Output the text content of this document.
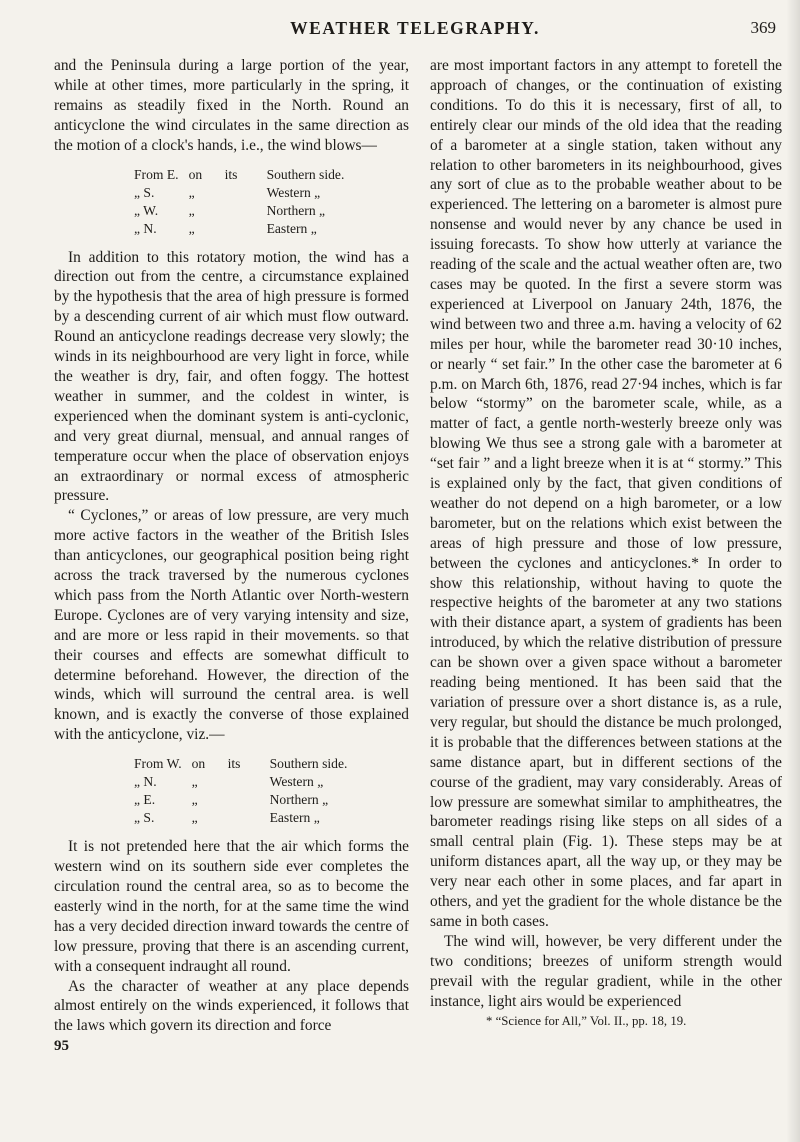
WEATHER TELEGRAPHY.	369

and the Peninsula during a large portion of the year, while at other times, more particularly in the spring, it remains as steadily fixed in the North. Round an anticyclone the wind circulates in the same direction as the motion of a clock's hands, i.e., the wind blows—

From E.	on	its	Southern side.
„ S.	„		Western „
„ W.	„		Northern „
„ N.	„		Eastern „

In addition to this rotatory motion, the wind has a direction out from the centre, a circumstance explained by the hypothesis that the area of high pressure is formed by a descending current of air which must flow outward. Round an anticyclone readings decrease very slowly; the winds in its neighbourhood are very light in force, while the weather is dry, fair, and often foggy. The hottest weather in summer, and the coldest in winter, is experienced when the dominant system is anti-cyclonic, and very great diurnal, mensual, and annual ranges of temperature occur when the place of observation enjoys an extraordinary or normal excess of atmospheric pressure.

“ Cyclones,” or areas of low pressure, are very much more active factors in the weather of the British Isles than anticyclones, our geographical position being right across the track traversed by the numerous cyclones which pass from the North Atlantic over North-western Europe. Cyclones are of very varying intensity and size, and are more or less rapid in their movements. so that their courses and effects are somewhat difficult to determine beforehand. However, the direction of the winds, which will surround the central area. is well known, and is exactly the converse of those explained with the anticyclone, viz.—

From W.	on	its	Southern side.
„ N.	„		Western „
„ E.	„		Northern „
„ S.	„		Eastern „

It is not pretended here that the air which forms the western wind on its southern side ever completes the circulation round the central area, so as to become the easterly wind in the north, for at the same time the wind has a very decided direction inward towards the centre of low pressure, proving that there is an ascending current, with a consequent indraught all round.

As the character of weather at any place depends almost entirely on the winds experienced, it follows that the laws which govern its direction and force

95

are most important factors in any attempt to foretell the approach of changes, or the continuation of existing conditions. To do this it is necessary, first of all, to entirely clear our minds of the old idea that the reading of a barometer at a single station, taken without any relation to other barometers in its neighbourhood, gives any sort of clue as to the probable weather about to be experienced. The lettering on a barometer is almost pure nonsense and would never by any chance be used in issuing forecasts. To show how utterly at variance the reading of the scale and the actual weather often are, two cases may be quoted. In the first a severe storm was experienced at Liverpool on January 24th, 1876, the wind between two and three a.m. having a velocity of 62 miles per hour, while the barometer read 30·10 inches, or nearly “ set fair.” In the other case the barometer at 6 p.m. on March 6th, 1876, read 27·94 inches, which is far below “stormy” on the barometer scale, while, as a matter of fact, a gentle north-westerly breeze only was blowing We thus see a strong gale with a barometer at “set fair ” and a light breeze when it is at “ stormy.” This is explained only by the fact, that given conditions of weather do not depend on a high barometer, or a low barometer, but on the relations which exist between the areas of high pressure and those of low pressure, between the cyclones and anticyclones.* In order to show this relationship, without having to quote the respective heights of the barometer at any two stations with their distance apart, a system of gradients has been introduced, by which the relative distribution of pressure can be shown over a given space without a barometer reading being mentioned. It has been said that the variation of pressure over a short distance is, as a rule, very regular, but should the distance be much prolonged, it is probable that the differences between stations at the same distance apart, but in different sections of the course of the gradient, may vary considerably. Areas of low pressure are somewhat similar to amphitheatres, the barometer readings rising like steps on all sides of a small central plain (Fig. 1). These steps may be at uniform distances apart, all the way up, or they may be very near each other in some places, and far apart in others, and yet the gradient for the whole distance be the same in both cases.

The wind will, however, be very different under the two conditions; breezes of uniform strength would prevail with the regular gradient, while in the other instance, light airs would be experienced

* “Science for All,” Vol. II., pp. 18, 19.
